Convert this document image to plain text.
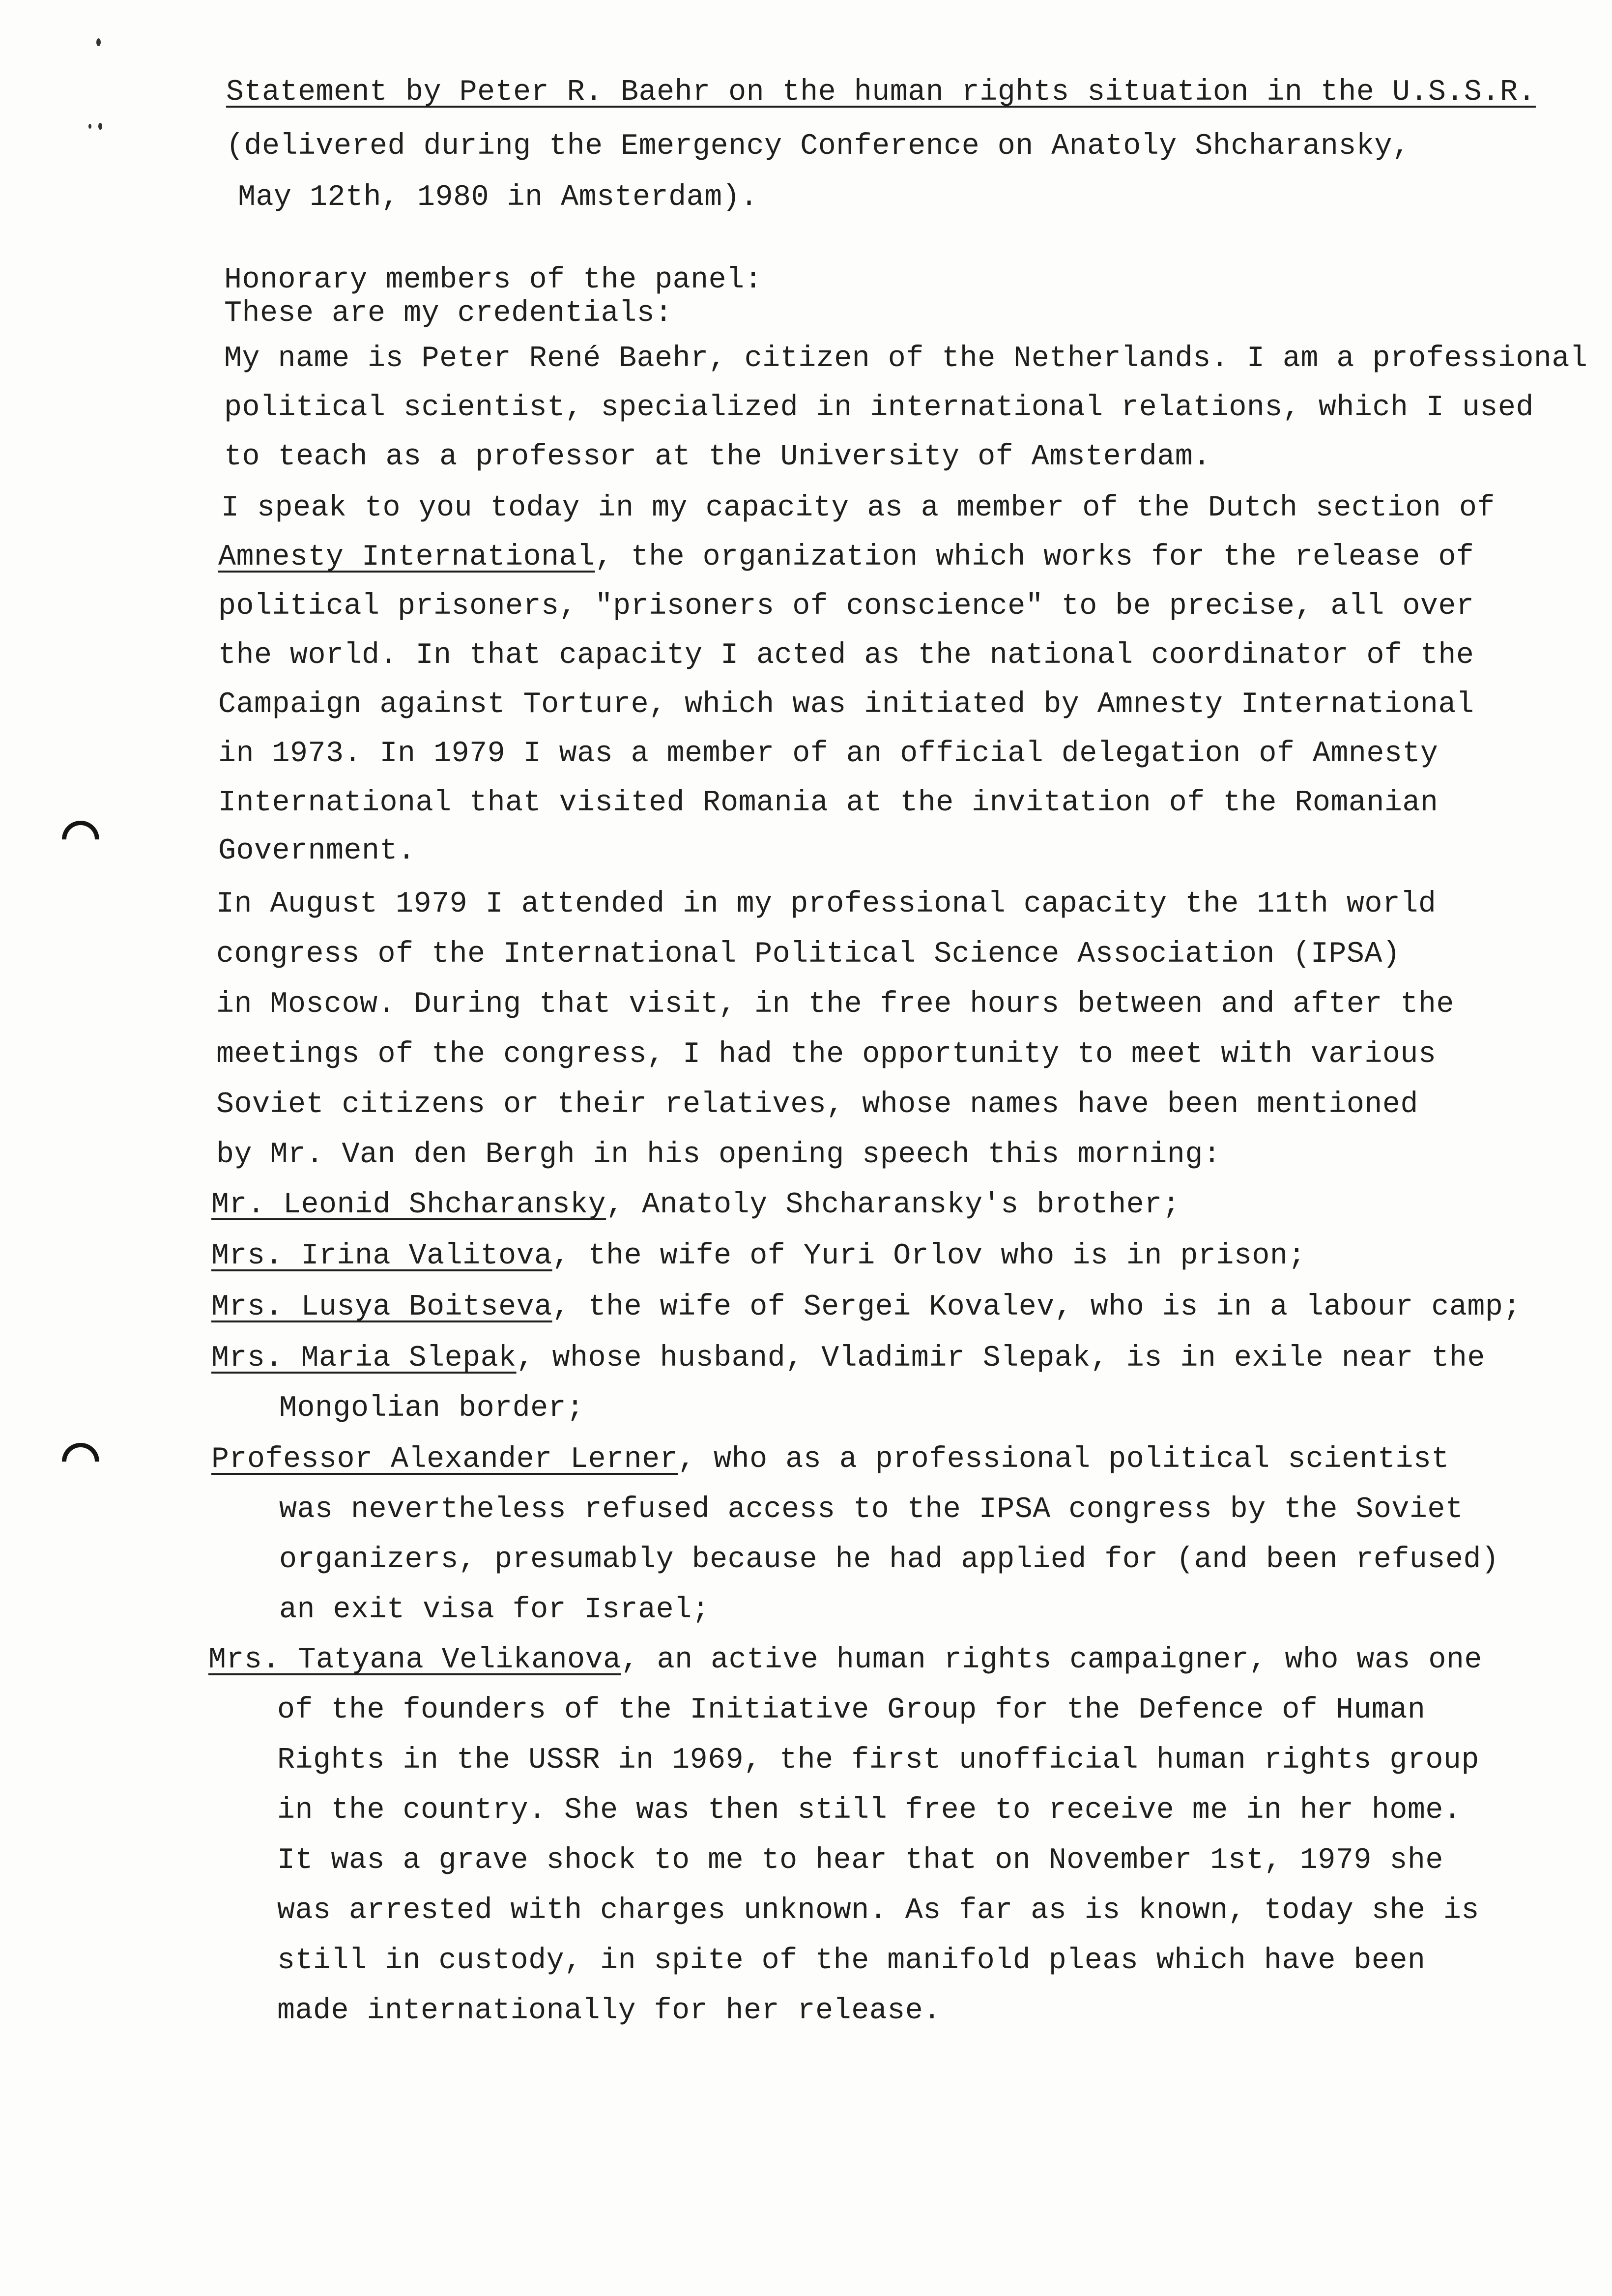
Statement by Peter R. Baehr on the human rights situation in the U.S.S.R.
(delivered during the Emergency Conference on Anatoly Shcharansky,
May 12th, 1980 in Amsterdam).
Honorary members of the panel:
These are my credentials:
My name is Peter René Baehr, citizen of the Netherlands. I am a professional
political scientist, specialized in international relations, which I used
to teach as a professor at the University of Amsterdam.
I speak to you today in my capacity as a member of the Dutch section of
Amnesty International, the organization which works for the release of
political prisoners, "prisoners of conscience" to be precise, all over
the world. In that capacity I acted as the national coordinator of the
Campaign against Torture, which was initiated by Amnesty International
in 1973. In 1979 I was a member of an official delegation of Amnesty
International that visited Romania at the invitation of the Romanian
Government.
In August 1979 I attended in my professional capacity the 11th world
congress of the International Political Science Association (IPSA)
in Moscow. During that visit, in the free hours between and after the
meetings of the congress, I had the opportunity to meet with various
Soviet citizens or their relatives, whose names have been mentioned
by Mr. Van den Bergh in his opening speech this morning:
Mr. Leonid Shcharansky, Anatoly Shcharansky's brother;
Mrs. Irina Valitova, the wife of Yuri Orlov who is in prison;
Mrs. Lusya Boitseva, the wife of Sergei Kovalev, who is in a labour camp;
Mrs. Maria Slepak, whose husband, Vladimir Slepak, is in exile near the
Mongolian border;
Professor Alexander Lerner, who as a professional political scientist
was nevertheless refused access to the IPSA congress by the Soviet
organizers, presumably because he had applied for (and been refused)
an exit visa for Israel;
Mrs. Tatyana Velikanova, an active human rights campaigner, who was one
of the founders of the Initiative Group for the Defence of Human
Rights in the USSR in 1969, the first unofficial human rights group
in the country. She was then still free to receive me in her home.
It was a grave shock to me to hear that on November 1st, 1979 she
was arrested with charges unknown. As far as is known, today she is
still in custody, in spite of the manifold pleas which have been
made internationally for her release.
